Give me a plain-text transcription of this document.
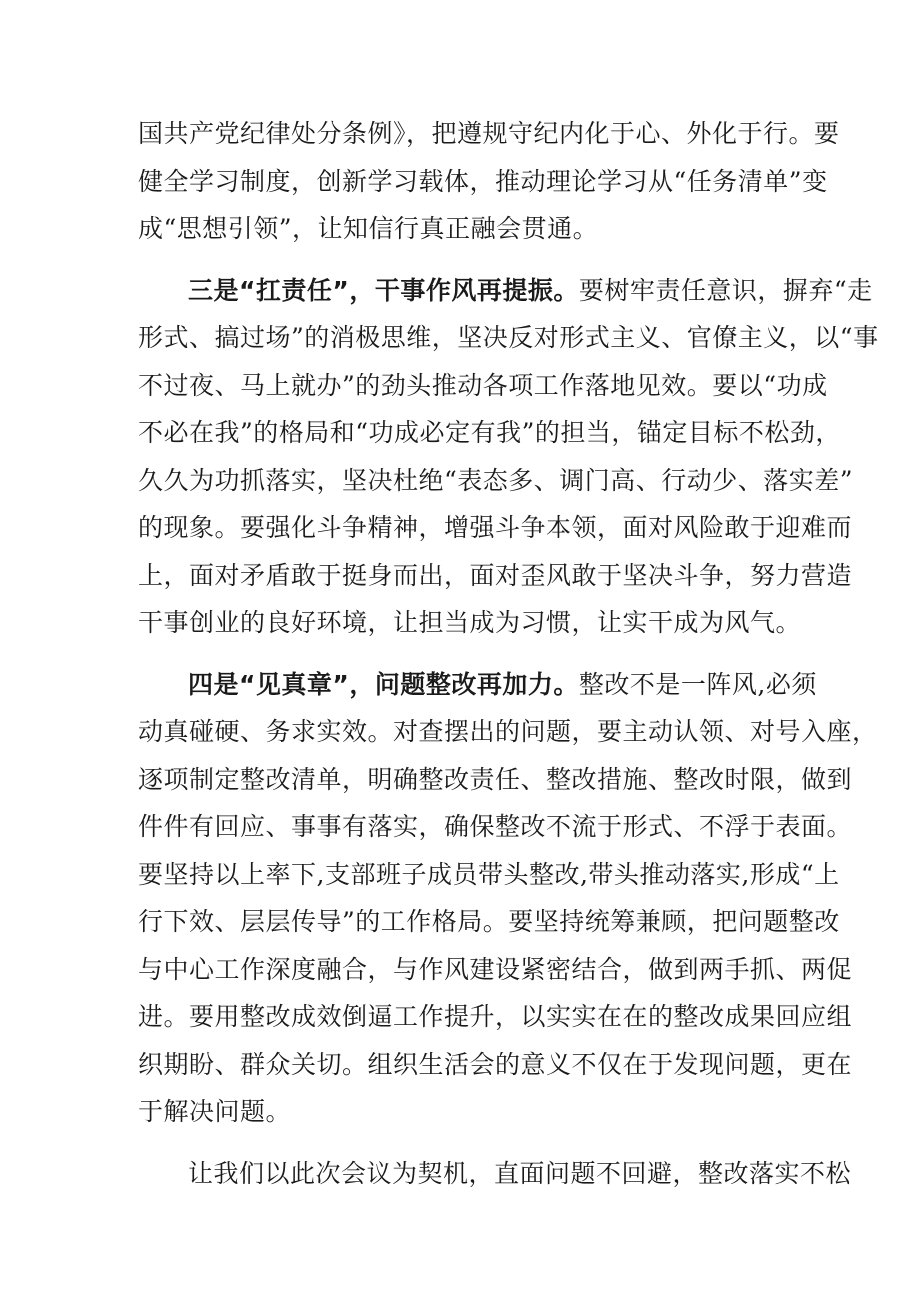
国共产党纪律处分条例》，把遵规守纪内化于心、外化于行。要
健全学习制度，创新学习载体，推动理论学习从“任务清单”变
成“思想引领”，让知信行真正融会贯通。
三是“扛责任”，干事作风再提振。要树牢责任意识，摒弃“走
形式、搞过场”的消极思维，坚决反对形式主义、官僚主义，以“事
不过夜、马上就办”的劲头推动各项工作落地见效。要以“功成
不必在我”的格局和“功成必定有我”的担当，锚定目标不松劲，
久久为功抓落实，坚决杜绝“表态多、调门高、行动少、落实差”
的现象。要强化斗争精神，增强斗争本领，面对风险敢于迎难而
上，面对矛盾敢于挺身而出，面对歪风敢于坚决斗争，努力营造
干事创业的良好环境，让担当成为习惯，让实干成为风气。
四是“见真章”，问题整改再加力。整改不是一阵风,必须
动真碰硬、务求实效。对查摆出的问题，要主动认领、对号入座，
逐项制定整改清单，明确整改责任、整改措施、整改时限，做到
件件有回应、事事有落实，确保整改不流于形式、不浮于表面。
要坚持以上率下,支部班子成员带头整改,带头推动落实,形成“上
行下效、层层传导”的工作格局。要坚持统筹兼顾，把问题整改
与中心工作深度融合，与作风建设紧密结合，做到两手抓、两促
进。要用整改成效倒逼工作提升，以实实在在的整改成果回应组
织期盼、群众关切。组织生活会的意义不仅在于发现问题，更在
于解决问题。
让我们以此次会议为契机，直面问题不回避，整改落实不松
